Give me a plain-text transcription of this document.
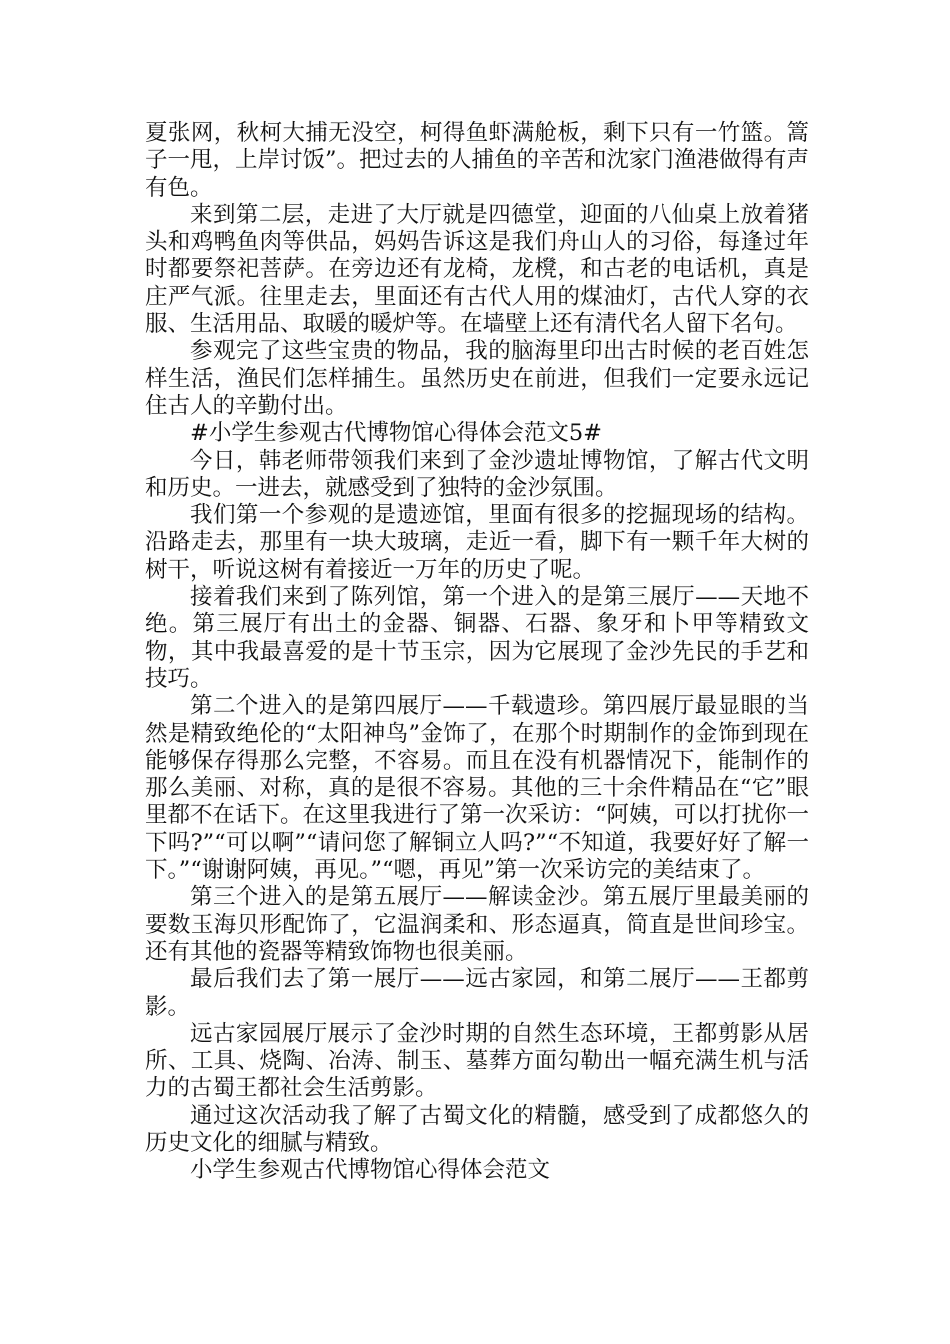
夏张网，秋柯大捕无没空，柯得鱼虾满舱板，剩下只有一竹篮。篙子一甩，上岸讨饭”。把过去的人捕鱼的辛苦和沈家门渔港做得有声有色。

来到第二层，走进了大厅就是四德堂，迎面的八仙桌上放着猪头和鸡鸭鱼肉等供品，妈妈告诉这是我们舟山人的习俗，每逢过年时都要祭祀菩萨。在旁边还有龙椅，龙櫈，和古老的电话机，真是庄严气派。往里走去，里面还有古代人用的煤油灯，古代人穿的衣服、生活用品、取暖的暖炉等。在墙壁上还有清代名人留下名句。

参观完了这些宝贵的物品，我的脑海里印出古时候的老百姓怎样生活，渔民们怎样捕生。虽然历史在前进，但我们一定要永远记住古人的辛勤付出。

#小学生参观古代博物馆心得体会范文5#

今日，韩老师带领我们来到了金沙遗址博物馆，了解古代文明和历史。一进去，就感受到了独特的金沙氛围。

我们第一个参观的是遗迹馆，里面有很多的挖掘现场的结构。沿路走去，那里有一块大玻璃，走近一看，脚下有一颗千年大树的树干，听说这树有着接近一万年的历史了呢。

接着我们来到了陈列馆，第一个进入的是第三展厅——天地不绝。第三展厅有出土的金器、铜器、石器、象牙和卜甲等精致文物，其中我最喜爱的是十节玉宗，因为它展现了金沙先民的手艺和技巧。

第二个进入的是第四展厅——千载遗珍。第四展厅最显眼的当然是精致绝伦的“太阳神鸟”金饰了，在那个时期制作的金饰到现在能够保存得那么完整，不容易。而且在没有机器情况下，能制作的那么美丽、对称，真的是很不容易。其他的三十余件精品在“它”眼里都不在话下。在这里我进行了第一次采访：“阿姨，可以打扰你一下吗?”“可以啊”“请问您了解铜立人吗?”“不知道，我要好好了解一下。”“谢谢阿姨，再见。”“嗯，再见”第一次采访完的美结束了。

第三个进入的是第五展厅——解读金沙。第五展厅里最美丽的要数玉海贝形配饰了，它温润柔和、形态逼真，简直是世间珍宝。还有其他的瓷器等精致饰物也很美丽。

最后我们去了第一展厅——远古家园，和第二展厅——王都剪影。

远古家园展厅展示了金沙时期的自然生态环境，王都剪影从居所、工具、烧陶、冶涛、制玉、墓葬方面勾勒出一幅充满生机与活力的古蜀王都社会生活剪影。

通过这次活动我了解了古蜀文化的精髓，感受到了成都悠久的历史文化的细腻与精致。

小学生参观古代博物馆心得体会范文
